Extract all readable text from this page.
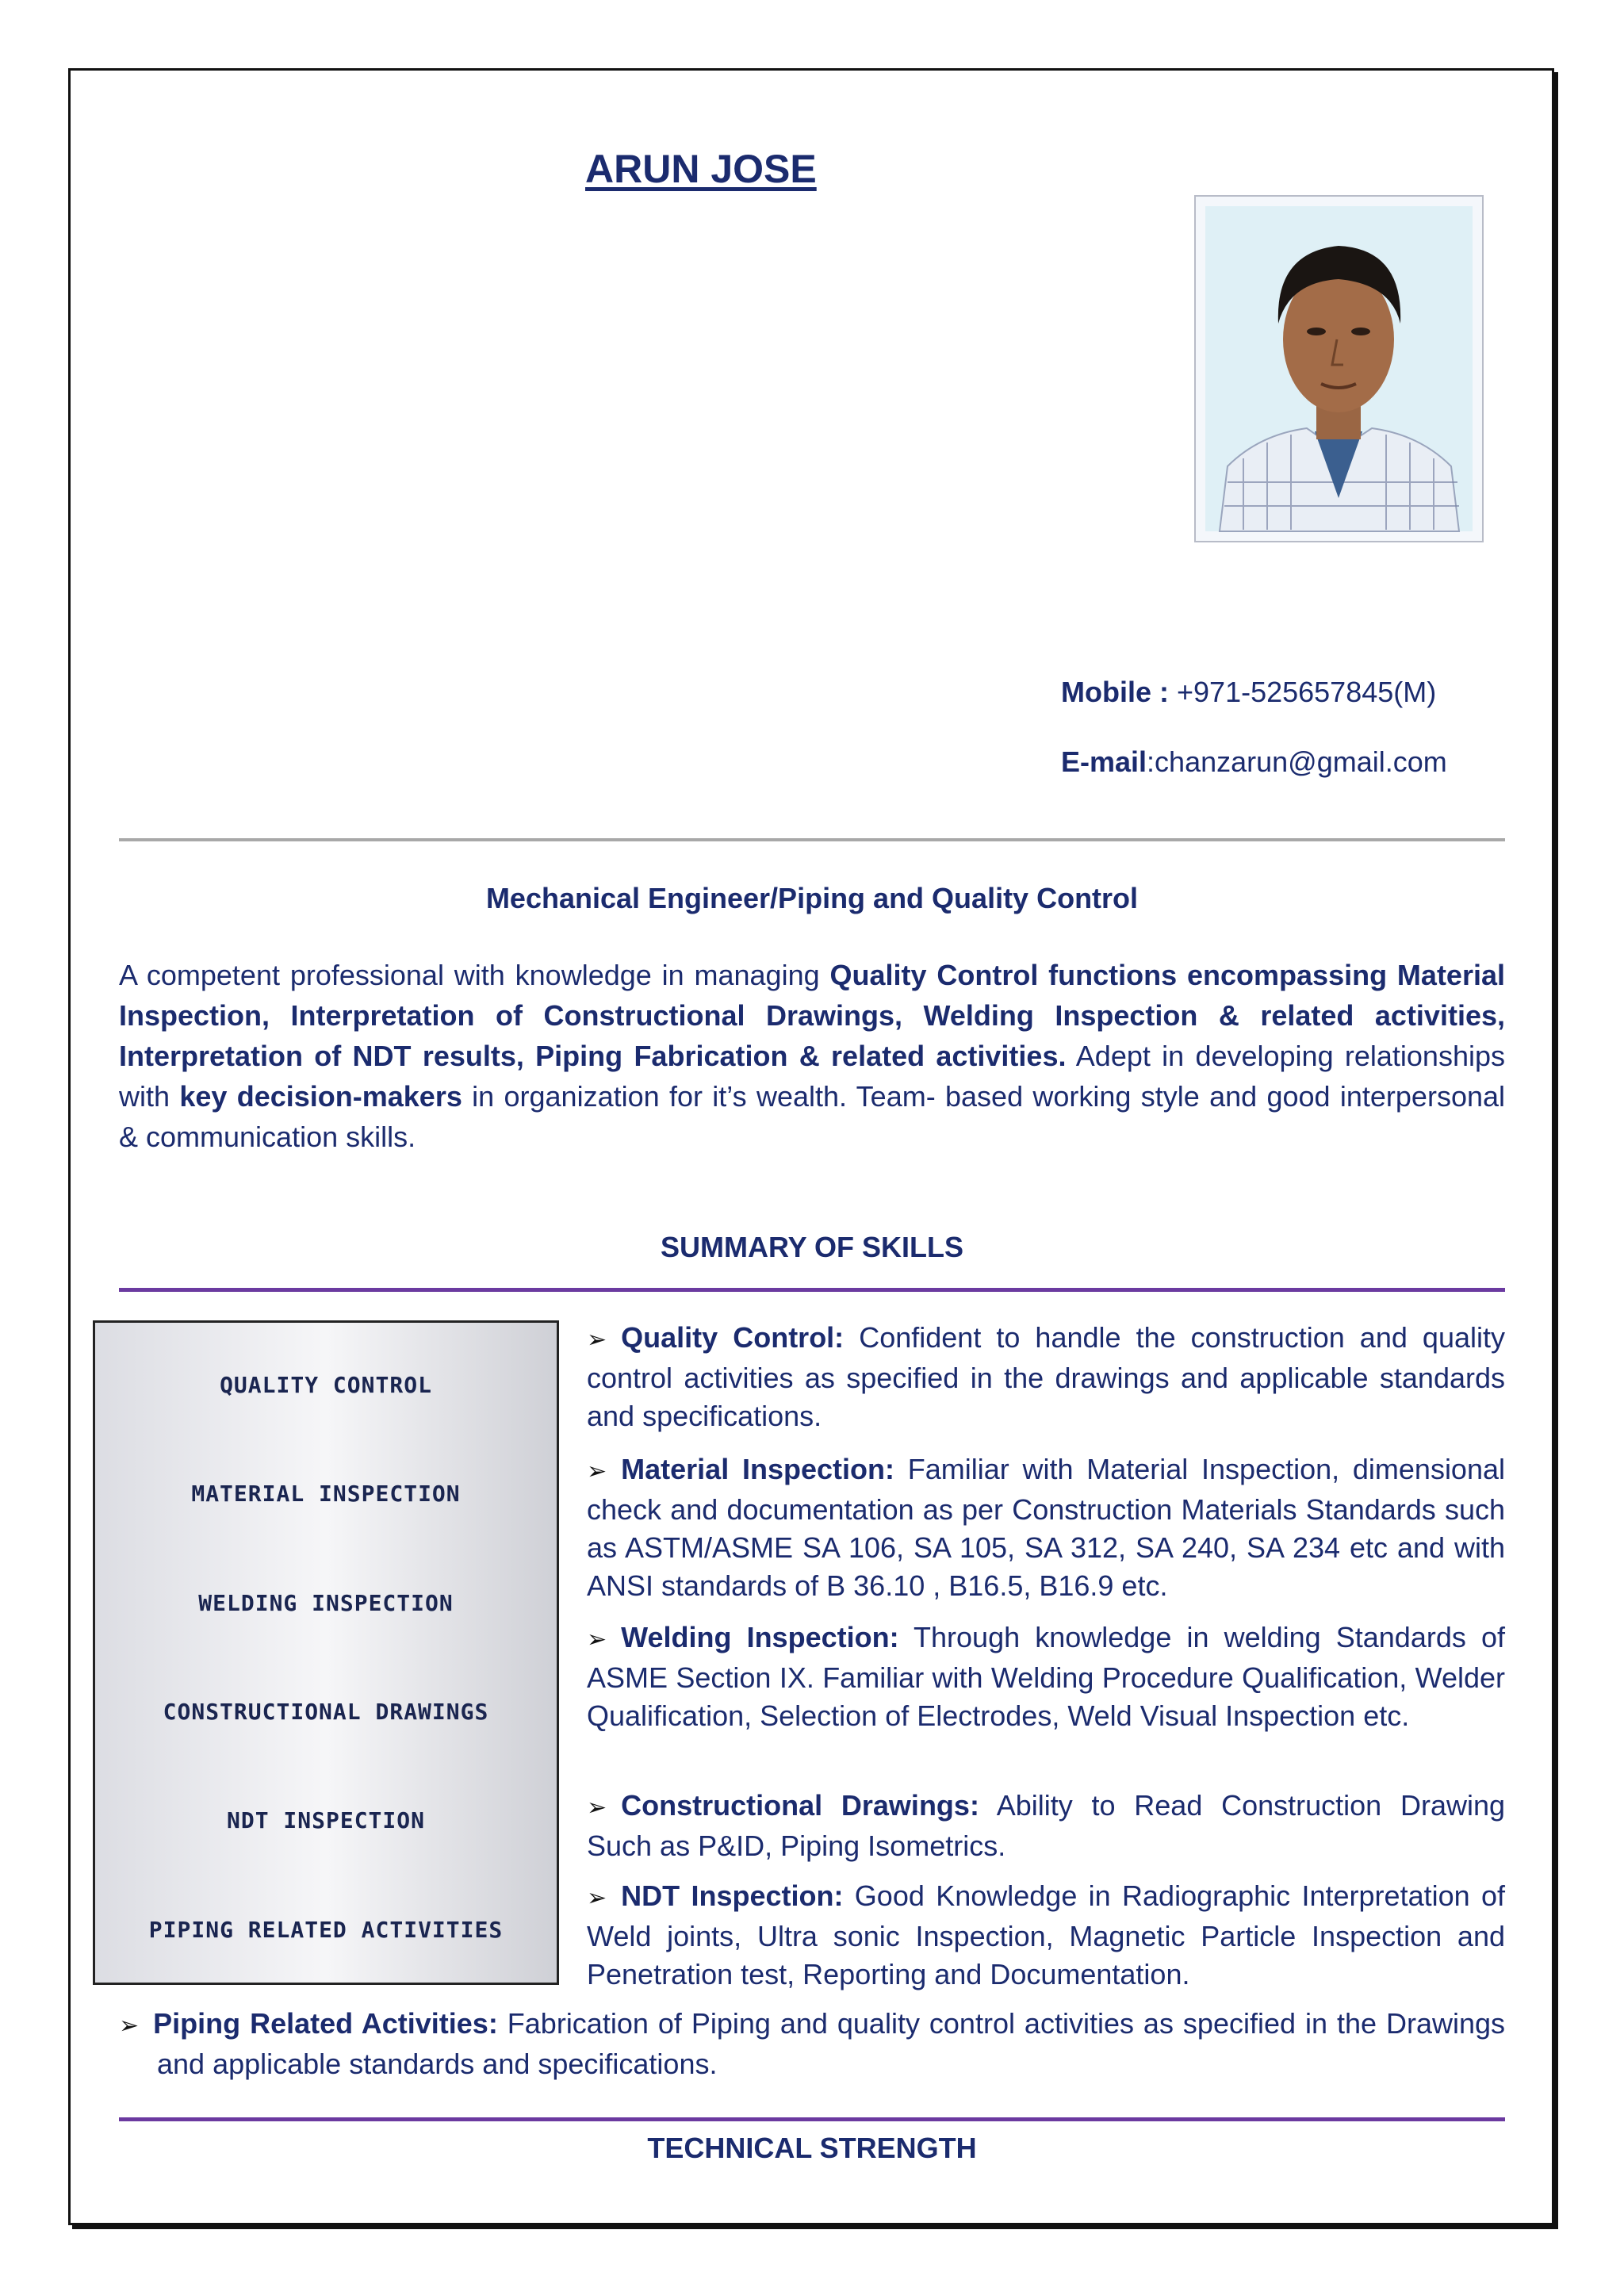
ARUN JOSE
Mobile : +971-525657845(M)
E-mail:chanzarun@gmail.com
Mechanical Engineer/Piping and Quality Control
A competent professional with knowledge in managing Quality Control functions encompassing Material Inspection, Interpretation of Constructional Drawings, Welding Inspection & related activities, Interpretation of NDT results, Piping Fabrication & related activities. Adept in developing relationships with key decision-makers in organization for it’s wealth. Team- based working style and good interpersonal & communication skills.
SUMMARY OF SKILLS
QUALITY CONTROL
MATERIAL INSPECTION
WELDING INSPECTION
CONSTRUCTIONAL DRAWINGS
NDT INSPECTION
PIPING RELATED ACTIVITIES
➢ Quality Control: Confident to handle the construction and quality control activities as specified in the drawings and applicable standards and specifications.
➢ Material Inspection: Familiar with Material Inspection, dimensional check and documentation as per Construction Materials Standards such as ASTM/ASME SA 106, SA 105, SA 312, SA 240, SA 234 etc and with ANSI standards of B 36.10 , B16.5, B16.9 etc.
➢ Welding Inspection: Through knowledge in welding Standards of ASME Section IX. Familiar with Welding Procedure Qualification, Welder Qualification, Selection of Electrodes, Weld Visual Inspection etc.
➢ Constructional Drawings: Ability to Read Construction Drawing Such as P&ID, Piping Isometrics.
➢ NDT Inspection: Good Knowledge in Radiographic Interpretation of Weld joints, Ultra sonic Inspection, Magnetic Particle Inspection and Penetration test, Reporting and Documentation.
➢ Piping Related Activities: Fabrication of Piping and quality control activities as specified in the Drawings and applicable standards and specifications.
TECHNICAL STRENGTH
